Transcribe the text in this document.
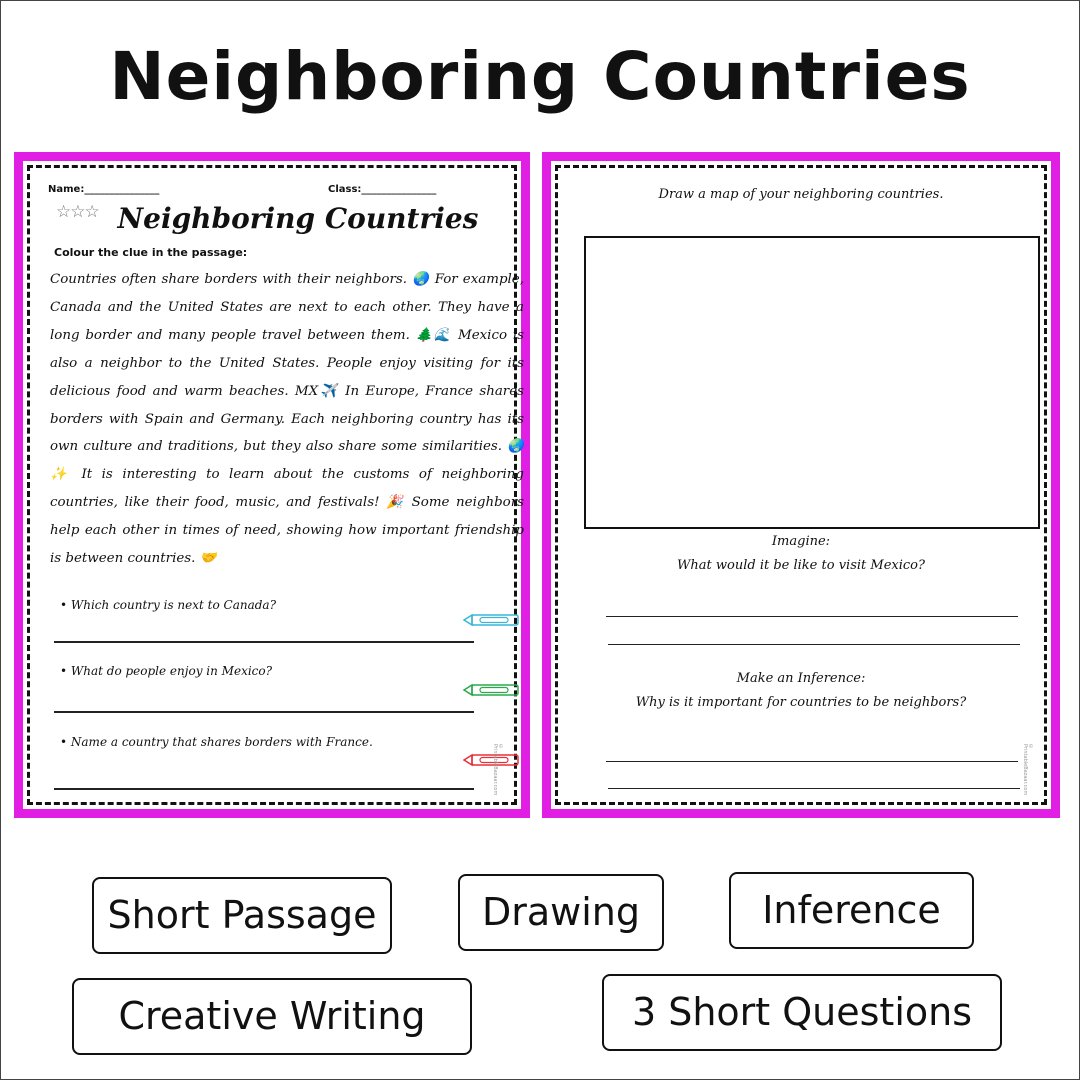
Neighboring Countries
Name:_______________	Class:_______________
☆☆☆ Neighboring Countries
Colour the clue in the passage:
Countries often share borders with their neighbors. 🌏 For example, Canada and the United States are next to each other. They have a long border and many people travel between them. 🌲🌊 Mexico is also a neighbor to the United States. People enjoy visiting for its delicious food and warm beaches. MX✈️ In Europe, France shares borders with Spain and Germany. Each neighboring country has its own culture and traditions, but they also share some similarities. 🌏✨ It is interesting to learn about the customs of neighboring countries, like their food, music, and festivals! 🎉 Some neighbors help each other in times of need, showing how important friendship is between countries. 🤝
• Which country is next to Canada?
• What do people enjoy in Mexico?
• Name a country that shares borders with France.	© PrintableBazaar.com
Draw a map of your neighboring countries.
Imagine:
What would it be like to visit Mexico?
Make an Inference:
Why is it important for countries to be neighbors?
© PrintableBazaar.com
Short Passage	Drawing	Inference
Creative Writing	3 Short Questions
